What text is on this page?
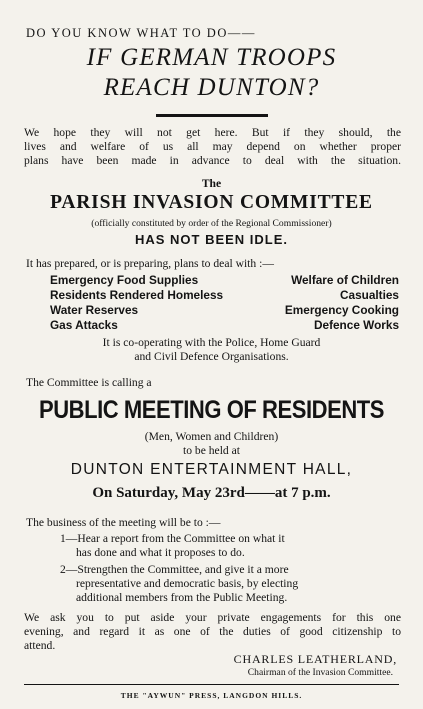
DO YOU KNOW WHAT TO DO——
IF GERMAN TROOPS
REACH DUNTON?
We hope they will not get here. But if they should, the
lives and welfare of us all may depend on whether proper
plans have been made in advance to deal with the situation.
The
PARISH INVASION COMMITTEE
(officially constituted by order of the Regional Commissioner)
HAS NOT BEEN IDLE.
It has prepared, or is preparing, plans to deal with :—
Emergency Food Supplies
Residents Rendered Homeless
Water Reserves
Gas Attacks
Welfare of Children
Casualties
Emergency Cooking
Defence Works
It is co-operating with the Police, Home Guard
and Civil Defence Organisations.
The Committee is calling a
PUBLIC MEETING OF RESIDENTS
(Men, Women and Children)
to be held at
DUNTON ENTERTAINMENT HALL,
On Saturday, May 23rd——at 7 p.m.
The business of the meeting will be to :—
1—Hear a report from the Committee on what it
has done and what it proposes to do.
2—Strengthen the Committee, and give it a more
representative and democratic basis, by electing
additional members from the Public Meeting.
We ask you to put aside your private engagements for this one
evening, and regard it as one of the duties of good citizenship to
attend.
CHARLES LEATHERLAND,
Chairman of the Invasion Committee.
THE "AYWUN" PRESS, LANGDON HILLS.
